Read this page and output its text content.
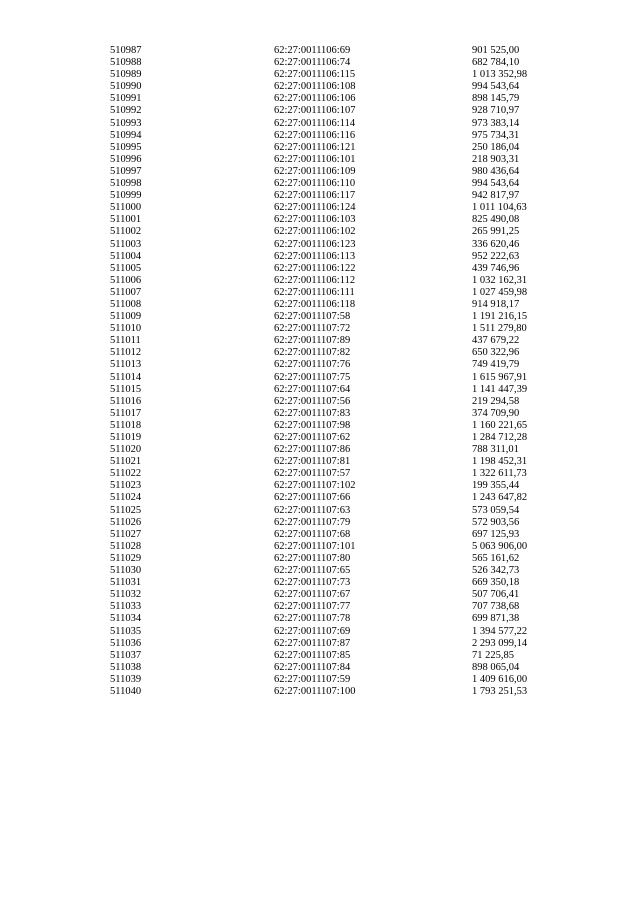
510987	62:27:0011106:69	901 525,00
510988	62:27:0011106:74	682 784,10
510989	62:27:0011106:115	1 013 352,98
510990	62:27:0011106:108	994 543,64
510991	62:27:0011106:106	898 145,79
510992	62:27:0011106:107	928 710,97
510993	62:27:0011106:114	973 383,14
510994	62:27:0011106:116	975 734,31
510995	62:27:0011106:121	250 186,04
510996	62:27:0011106:101	218 903,31
510997	62:27:0011106:109	980 436,64
510998	62:27:0011106:110	994 543,64
510999	62:27:0011106:117	942 817,97
511000	62:27:0011106:124	1 011 104,63
511001	62:27:0011106:103	825 490,08
511002	62:27:0011106:102	265 991,25
511003	62:27:0011106:123	336 620,46
511004	62:27:0011106:113	952 222,63
511005	62:27:0011106:122	439 746,96
511006	62:27:0011106:112	1 032 162,31
511007	62:27:0011106:111	1 027 459,98
511008	62:27:0011106:118	914 918,17
511009	62:27:0011107:58	1 191 216,15
511010	62:27:0011107:72	1 511 279,80
511011	62:27:0011107:89	437 679,22
511012	62:27:0011107:82	650 322,96
511013	62:27:0011107:76	749 419,79
511014	62:27:0011107:75	1 615 967,91
511015	62:27:0011107:64	1 141 447,39
511016	62:27:0011107:56	219 294,58
511017	62:27:0011107:83	374 709,90
511018	62:27:0011107:98	1 160 221,65
511019	62:27:0011107:62	1 284 712,28
511020	62:27:0011107:86	788 311,01
511021	62:27:0011107:81	1 198 452,31
511022	62:27:0011107:57	1 322 611,73
511023	62:27:0011107:102	199 355,44
511024	62:27:0011107:66	1 243 647,82
511025	62:27:0011107:63	573 059,54
511026	62:27:0011107:79	572 903,56
511027	62:27:0011107:68	697 125,93
511028	62:27:0011107:101	5 063 906,00
511029	62:27:0011107:80	565 161,62
511030	62:27:0011107:65	526 342,73
511031	62:27:0011107:73	669 350,18
511032	62:27:0011107:67	507 706,41
511033	62:27:0011107:77	707 738,68
511034	62:27:0011107:78	699 871,38
511035	62:27:0011107:69	1 394 577,22
511036	62:27:0011107:87	2 293 099,14
511037	62:27:0011107:85	71 225,85
511038	62:27:0011107:84	898 065,04
511039	62:27:0011107:59	1 409 616,00
511040	62:27:0011107:100	1 793 251,53
